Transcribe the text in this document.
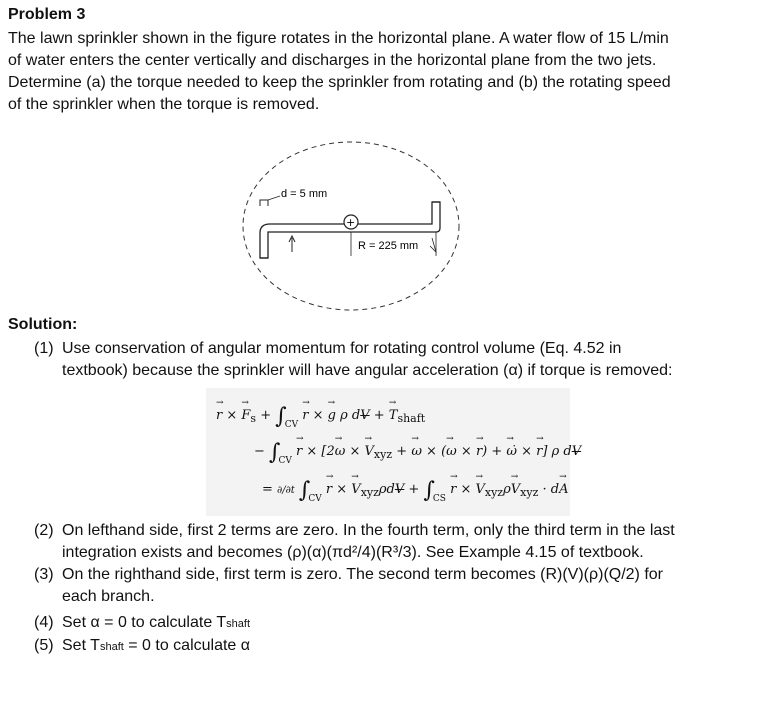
Problem 3
The lawn sprinkler shown in the figure rotates in the horizontal plane. A water flow of 15 L/min
of water enters the center vertically and discharges in the horizontal plane from the two jets.
Determine (a) the torque needed to keep the sprinkler from rotating and (b) the rotating speed
of the sprinkler when the torque is removed.
+
d = 5 mm
R = 225 mm
Solution:
(1) Use conservation of angular momentum for rotating control volume (Eq. 4.52 in
textbook) because the sprinkler will have angular acceleration (α) if torque is removed:
→ r × → $F_s + \int_{CV} \to r$ × → g ρ dV + → $T_{shaft}$
− $\int_{CV} \to r \times [2\to \omega$ × → $V_{xyz}$ + → ω × (→ ω × → r) + → ω̇ × → r] ρ dV
= ∂/∂t $\int_{CV} \to r$ × → $V_{xyz}\rho dV + \int_{CS} \to r$ × → $V_{xyz}\rho\to V_{xyz} \cdot d\to A$
(2) On lefthand side, first 2 terms are zero. In the fourth term, only the third term in the last
integration exists and becomes (ρ)(α)(πd²/4)(R³/3). See Example 4.15 of textbook.
(3) On the righthand side, first term is zero. The second term becomes (R)(V)(ρ)(Q/2) for
each branch.
(4) Set α = 0 to calculate Tshaft
(5) Set Tshaft = 0 to calculate α
